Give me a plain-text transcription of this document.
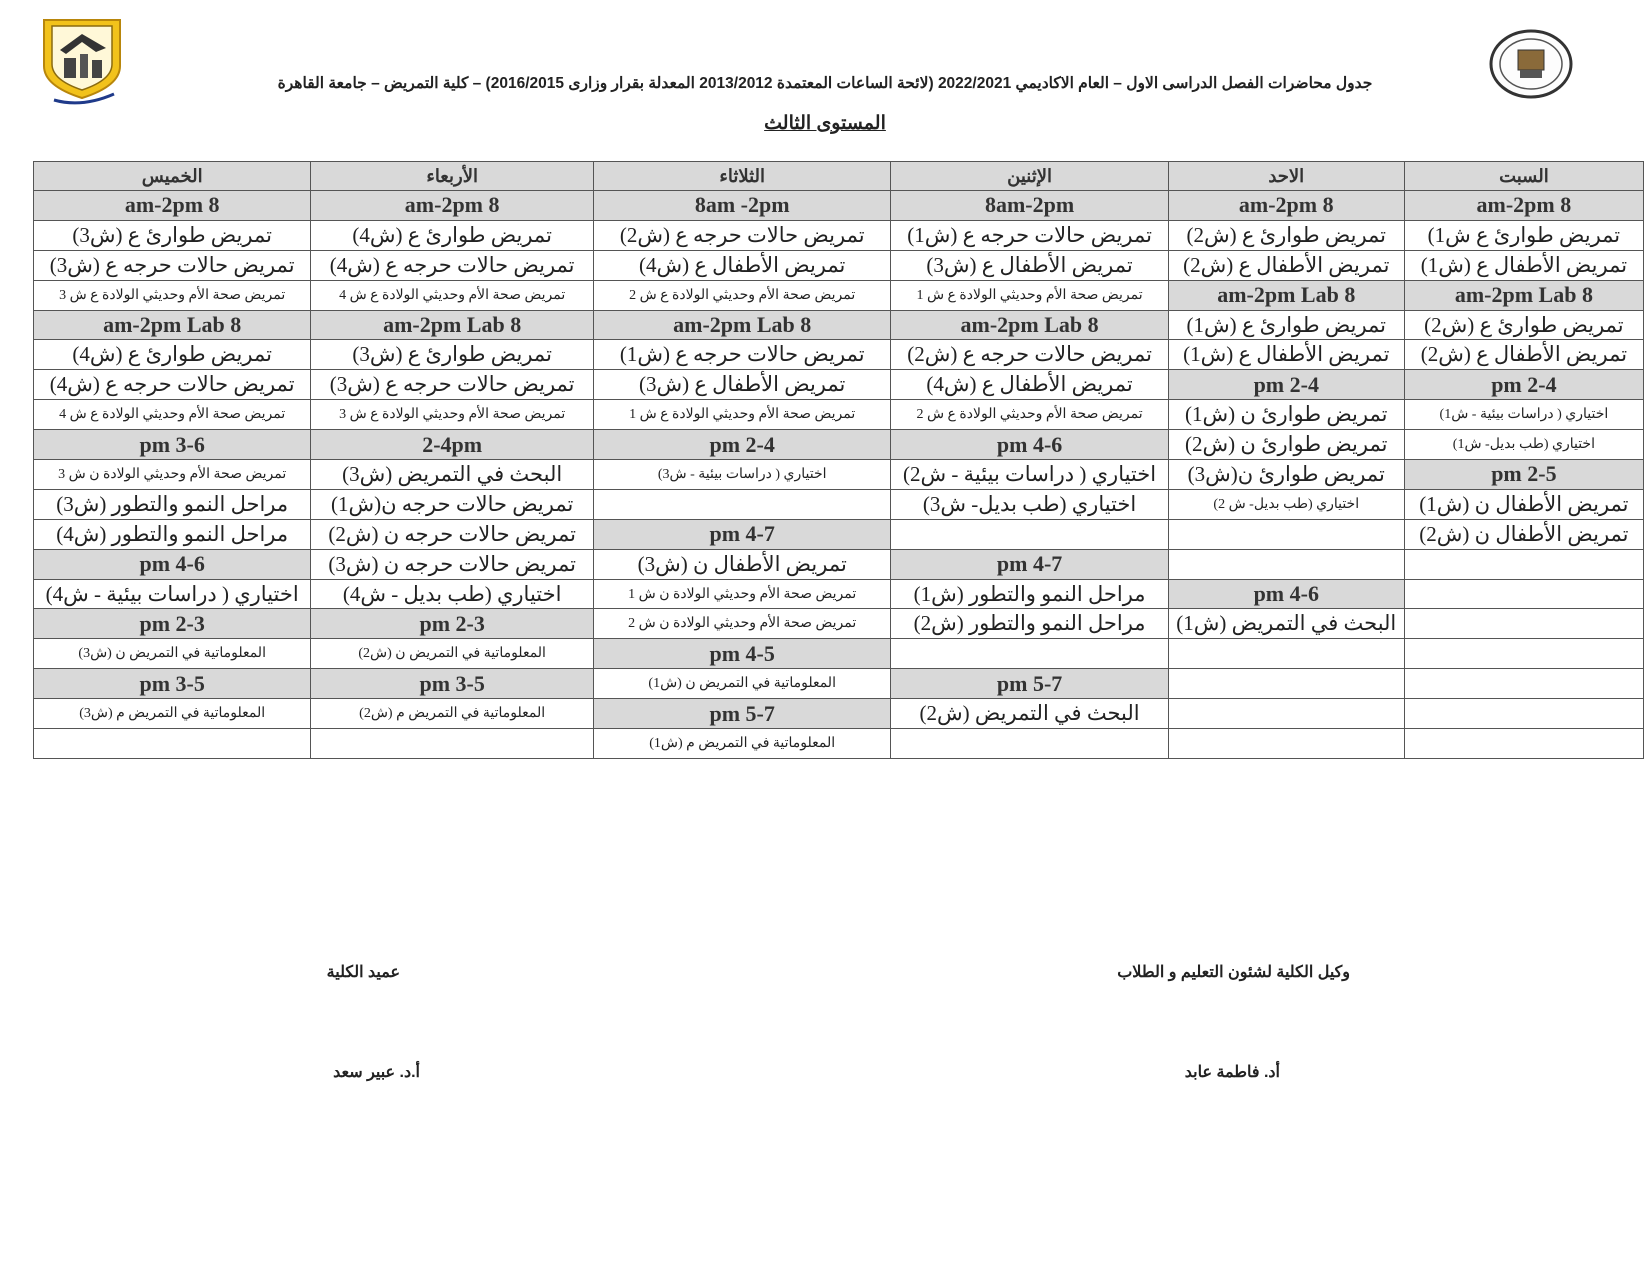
جدول محاضرات الفصل الدراسى الاول – العام الاكاديمي 2022/2021 (لائحة الساعات المعتمدة 2013/2012 المعدلة بقرار وزارى 2016/2015) – كلية التمريض – جامعة القاهرة
المستوى الثالث
السبت	الاحد	الإثنين	الثلاثاء	الأربعاء	الخميس
8 am-2pm	8 am-2pm	8am-2pm	8am -2pm	8 am-2pm	8 am-2pm
تمريض طوارئ ع ش1)	تمريض طوارئ ع (ش2)	تمريض حالات حرجه ع (ش1)	تمريض حالات حرجه ع (ش2)	تمريض طوارئ ع (ش4)	تمريض طوارئ ع (ش3)
تمريض الأطفال ع (ش1)	تمريض الأطفال ع (ش2)	تمريض الأطفال ع (ش3)	تمريض الأطفال ع (ش4)	تمريض حالات حرجه ع (ش4)	تمريض حالات حرجه ع (ش3)
8 am-2pm Lab	8 am-2pm Lab	تمريض صحة الأم وحديثي الولادة ع ش 1	تمريض صحة الأم وحديثي الولادة ع ش 2	تمريض صحة الأم وحديثي الولادة ع ش 4	تمريض صحة الأم وحديثي الولادة ع ش 3
تمريض طوارئ ع (ش2)	تمريض طوارئ ع (ش1)	8 am-2pm Lab	8 am-2pm Lab	8 am-2pm Lab	8 am-2pm Lab
تمريض الأطفال ع (ش2)	تمريض الأطفال ع (ش1)	تمريض حالات حرجه ع (ش2)	تمريض حالات حرجه ع (ش1)	تمريض طوارئ ع (ش3)	تمريض طوارئ ع (ش4)
2-4 pm	2-4 pm	تمريض الأطفال ع (ش4)	تمريض الأطفال ع (ش3)	تمريض حالات حرجه ع (ش3)	تمريض حالات حرجه ع (ش4)
اختياري ( دراسات بيئية - ش1)	تمريض طوارئ ن (ش1)	تمريض صحة الأم وحديثي الولادة ع ش 2	تمريض صحة الأم وحديثي الولادة ع ش 1	تمريض صحة الأم وحديثي الولادة ع ش 3	تمريض صحة الأم وحديثي الولادة ع ش 4
اختياري (طب بديل- ش1)	تمريض طوارئ ن (ش2)	4-6 pm	2-4 pm	2-4pm	3-6 pm
2-5 pm	تمريض طوارئ ن(ش3)	اختياري ( دراسات بيئية - ش2)	اختياري ( دراسات بيئية - ش3)	البحث في التمريض (ش3)	تمريض صحة الأم وحديثي الولادة ن ش 3
تمريض الأطفال ن (ش1)	اختياري (طب بديل- ش 2)	اختياري (طب بديل- ش3)		تمريض حالات حرجه ن(ش1)	مراحل النمو والتطور (ش3)
تمريض الأطفال ن (ش2)			4-7 pm	تمريض حالات حرجه ن (ش2)	مراحل النمو والتطور (ش4)
		4-7 pm	تمريض الأطفال ن (ش3)	تمريض حالات حرجه ن (ش3)	4-6 pm
	4-6 pm	مراحل النمو والتطور (ش1)	تمريض صحة الأم وحديثي الولادة ن ش 1	اختياري (طب بديل - ش4)	اختياري ( دراسات بيئية - ش4)
	البحث في التمريض (ش1)	مراحل النمو والتطور (ش2)	تمريض صحة الأم وحديثي الولادة ن ش 2	2-3 pm	2-3 pm
			4-5 pm	المعلوماتية في التمريض ن (ش2)	المعلوماتية في التمريض ن (ش3)
		5-7 pm	المعلوماتية في التمريض ن (ش1)	3-5 pm	3-5 pm
		البحث في التمريض (ش2)	5-7 pm	المعلوماتية في التمريض م (ش2)	المعلوماتية في التمريض م (ش3)
			المعلوماتية في التمريض م (ش1)		
وكيل الكلية لشئون التعليم و الطلاب
أد. فاطمة عابد
عميد الكلية
أ.د. عبير سعد
